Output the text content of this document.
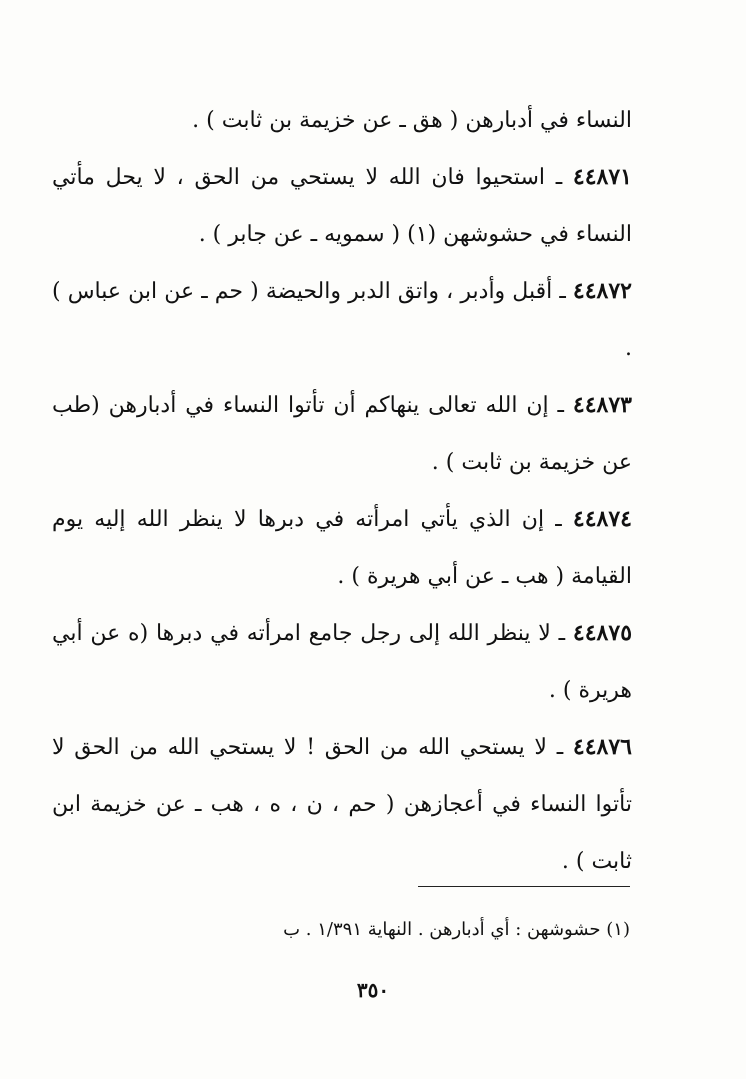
النساء في أدبارهن ( هق ـ عن خزيمة بن ثابت ) .

٤٤٨٧١ ـ استحيوا فان الله لا يستحي من الحق ، لا يحل مأتي النساء في حشوشهن (١) ( سمويه ـ عن جابر ) .

٤٤٨٧٢ ـ أقبل وأدبر ، واتق الدبر والحيضة ( حم ـ عن ابن عباس ) .

٤٤٨٧٣ ـ إن الله تعالى ينهاكم أن تأتوا النساء في أدبارهن (طب عن خزيمة بن ثابت ) .

٤٤٨٧٤ ـ إن الذي يأتي امرأته في دبرها لا ينظر الله إليه يوم القيامة ( هب ـ عن أبي هريرة ) .

٤٤٨٧٥ ـ لا ينظر الله إلى رجل جامع امرأته في دبرها (ه عن أبي هريرة ) .

٤٤٨٧٦ ـ لا يستحي الله من الحق ! لا يستحي الله من الحق لا تأتوا النساء في أعجازهن ( حم ، ن ، ه ، هب ـ عن خزيمة ابن ثابت ) .

(١) حشوشهن : أي أدبارهن . النهاية ١/٣٩١ . ب
٣٥٠
